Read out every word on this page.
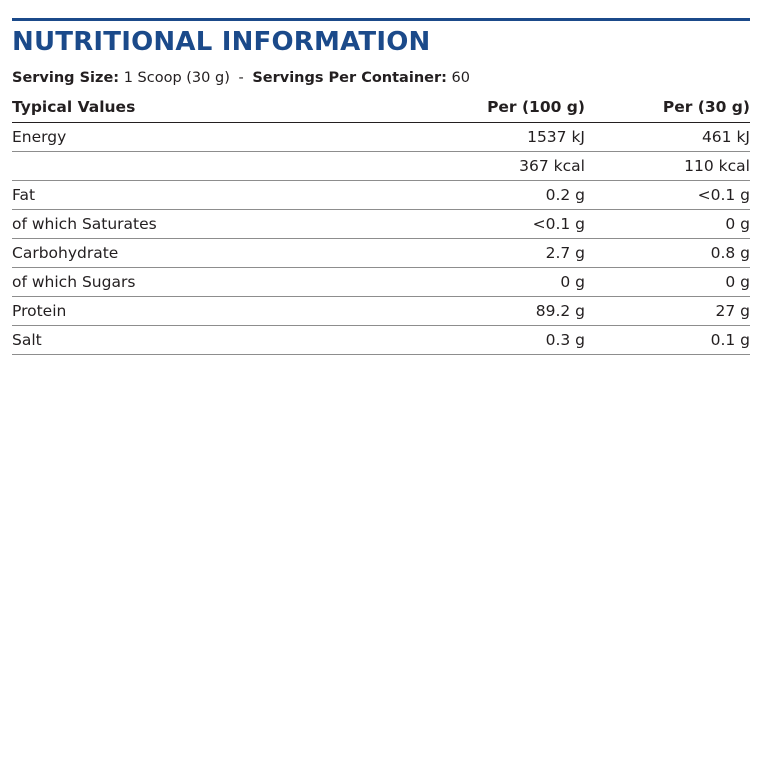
NUTRITIONAL INFORMATION
Serving Size: 1 Scoop (30 g) - Servings Per Container: 60
Typical Values	Per (100 g)	Per (30 g)
Energy	1537 kJ	461 kJ
	367 kcal	110 kcal
Fat	0.2 g	<0.1 g
of which Saturates	<0.1 g	0 g
Carbohydrate	2.7 g	0.8 g
of which Sugars	0 g	0 g
Protein	89.2 g	27 g
Salt	0.3 g	0.1 g
